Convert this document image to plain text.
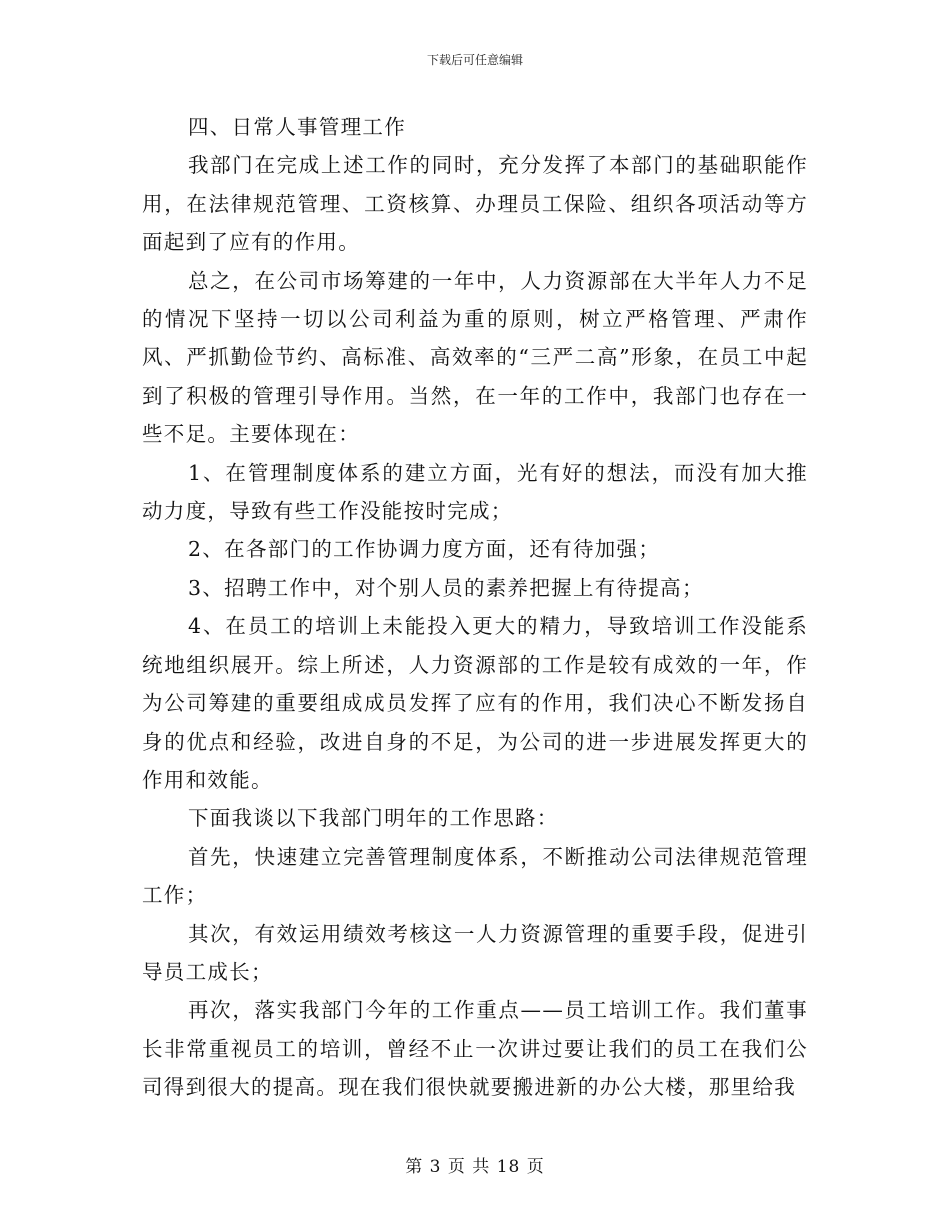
下载后可任意编辑

四、日常人事管理工作

我部门在完成上述工作的同时，充分发挥了本部门的基础职能作用，在法律规范管理、工资核算、办理员工保险、组织各项活动等方面起到了应有的作用。

总之，在公司市场筹建的一年中，人力资源部在大半年人力不足的情况下坚持一切以公司利益为重的原则，树立严格管理、严肃作风、严抓勤俭节约、高标准、高效率的“三严二高”形象，在员工中起到了积极的管理引导作用。当然，在一年的工作中，我部门也存在一些不足。主要体现在：

1、在管理制度体系的建立方面，光有好的想法，而没有加大推动力度，导致有些工作没能按时完成；

2、在各部门的工作协调力度方面，还有待加强；

3、招聘工作中，对个别人员的素养把握上有待提高；

4、在员工的培训上未能投入更大的精力，导致培训工作没能系统地组织展开。综上所述，人力资源部的工作是较有成效的一年，作为公司筹建的重要组成成员发挥了应有的作用，我们决心不断发扬自身的优点和经验，改进自身的不足，为公司的进一步进展发挥更大的作用和效能。

下面我谈以下我部门明年的工作思路：

首先，快速建立完善管理制度体系，不断推动公司法律规范管理工作；

其次，有效运用绩效考核这一人力资源管理的重要手段，促进引导员工成长；

再次，落实我部门今年的工作重点——员工培训工作。我们董事长非常重视员工的培训，曾经不止一次讲过要让我们的员工在我们公司得到很大的提高。现在我们很快就要搬进新的办公大楼，那里给我

第 3 页 共 18 页
